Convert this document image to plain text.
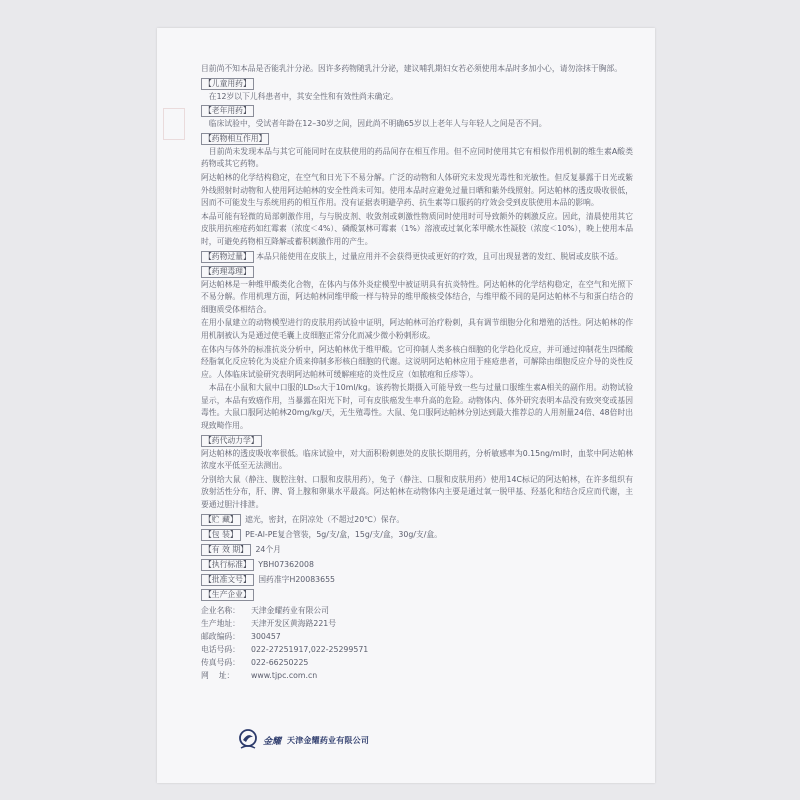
目前尚不知本品是否能乳汁分泌。因许多药物随乳汁分泌，建议哺乳期妇女若必须使用本品时多加小心，请勿涂抹于胸部。
【儿童用药】
在12岁以下儿科患者中，其安全性和有效性尚未确定。
【老年用药】
临床试验中，受试者年龄在12–30岁之间，因此尚不明确65岁以上老年人与年轻人之间是否不同。
【药物相互作用】
目前尚未发现本品与其它可能同时在皮肤使用的药品间存在相互作用。但不应同时使用其它有相似作用机制的维生素A酸类药物或其它药物。
阿达帕林的化学结构稳定，在空气和日光下不易分解。广泛的动物和人体研究未发现光毒性和光敏性。但反复暴露于日光或紫外线照射时动物和人使用阿达帕林的安全性尚未可知。使用本品时应避免过量日晒和紫外线照射。阿达帕林的透皮吸收很低，因而不可能发生与系统用药的相互作用。没有证据表明避孕药、抗生素等口服药的疗效会受到皮肤使用本品的影响。
本品可能有轻微的局部刺激作用，与与脱皮剂、收敛剂或刺激性物质同时使用时可导致额外的刺激反应。因此，清晨使用其它皮肤用抗痤疮药如红霉素（浓度＜4%）、磷酸氯林可霉素（1%）溶液或过氧化苯甲酰水性凝胶（浓度＜10%），晚上使用本品时，可避免药物相互降解或蓄积刺激作用的产生。
【药物过量】 本品只能使用在皮肤上，过量应用并不会获得更快或更好的疗效，且可出现显著的发红、脱屑或皮肤不适。
【药理毒理】
阿达帕林是一种维甲酸类化合物，在体内与体外炎症模型中被证明具有抗炎特性。阿达帕林的化学结构稳定，在空气和光照下不易分解。作用机理方面，阿达帕林同维甲酸一样与特异的维甲酸核受体结合，与维甲酸不同的是阿达帕林不与和蛋白结合的细胞质受体相结合。
在用小鼠建立的动物模型进行的皮肤用药试验中证明，阿达帕林可治疗粉刺，具有调节细胞分化和增殖的活性。阿达帕林的作用机制被认为是通过使毛囊上皮细胞正常分化而减少微小粉刺形成。
在体内与体外的标准抗炎分析中，阿达帕林优于维甲酸。它可抑制人类多核白细胞的化学趋化反应，并可通过抑制花生四烯酸经脂氧化反应转化为炎症介质来抑制多形核白细胞的代谢。这说明阿达帕林应用于痤疮患者，可解除由细胞反应介导的炎性反应。人体临床试验研究表明阿达帕林可缓解痤疮的炎性反应（如脓疱和丘疹等）。
本品在小鼠和大鼠中口服的LD₅₀大于10ml/kg。该药物长期摄入可能导致一些与过量口服维生素A相关的副作用。动物试验显示，本品有致癌作用，当暴露在阳光下时，可有皮肤癌发生率升高的危险。动物体内、体外研究表明本品没有致突变或基因毒性。大鼠口服阿达帕林20mg/kg/天，无生殖毒性。大鼠、兔口服阿达帕林分别达到最大推荐总的人用剂量24倍、48倍时出现致畸作用。
【药代动力学】
阿达帕林的透皮吸收率很低。临床试验中，对大面积粉刺患处的皮肤长期用药，分析敏感率为0.15ng/ml时，血浆中阿达帕林浓度水平低至无法测出。
分别给大鼠（静注、腹腔注射、口服和皮肤用药），兔子（静注、口服和皮肤用药）使用14C标记的阿达帕林，在许多组织有放射活性分布，肝、脾、肾上腺和卵巢水平最高。阿达帕林在动物体内主要是通过氧一脱甲基、羟基化和结合反应而代谢，主要通过胆汁排泄。
【贮 藏】 遮光，密封，在阴凉处（不超过20℃）保存。
【包 装】 PE-Al-PE复合管装，5g/支/盒，15g/支/盒，30g/支/盒。
【有 效 期】 24个月
【执行标准】 YBH07362008
【批准文号】 国药准字H20083655
【生产企业】
企业名称：	天津金耀药业有限公司
生产地址：	天津开发区黄海路221号
邮政编码：	300457
电话号码：	022-27251917,022-25299571
传真号码：	022-66250225
网    址：	www.tjpc.com.cn
金耀 天津金耀药业有限公司
